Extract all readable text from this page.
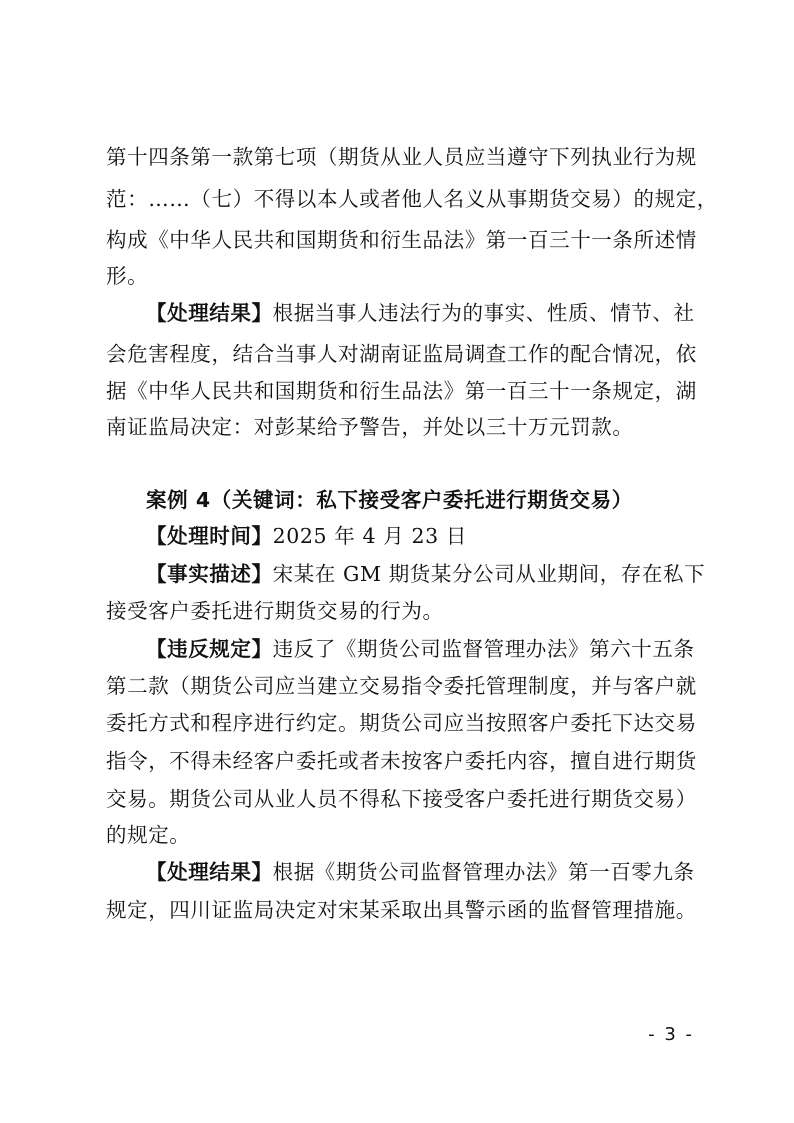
第十四条第一款第七项（期货从业人员应当遵守下列执业行为规
范：……（七）不得以本人或者他人名义从事期货交易）的规定，
构成《中华人民共和国期货和衍生品法》第一百三十一条所述情
形。
【处理结果】根据当事人违法行为的事实、性质、情节、社
会危害程度，结合当事人对湖南证监局调查工作的配合情况，依
据《中华人民共和国期货和衍生品法》第一百三十一条规定，湖
南证监局决定：对彭某给予警告，并处以三十万元罚款。
案例 4（关键词：私下接受客户委托进行期货交易）
【处理时间】2025 年 4 月 23 日
【事实描述】宋某在 GM 期货某分公司从业期间，存在私下
接受客户委托进行期货交易的行为。
【违反规定】违反了《期货公司监督管理办法》第六十五条
第二款（期货公司应当建立交易指令委托管理制度，并与客户就
委托方式和程序进行约定。期货公司应当按照客户委托下达交易
指令，不得未经客户委托或者未按客户委托内容，擅自进行期货
交易。期货公司从业人员不得私下接受客户委托进行期货交易）
的规定。
【处理结果】根据《期货公司监督管理办法》第一百零九条
规定，四川证监局决定对宋某采取出具警示函的监督管理措施。
- 3 -
